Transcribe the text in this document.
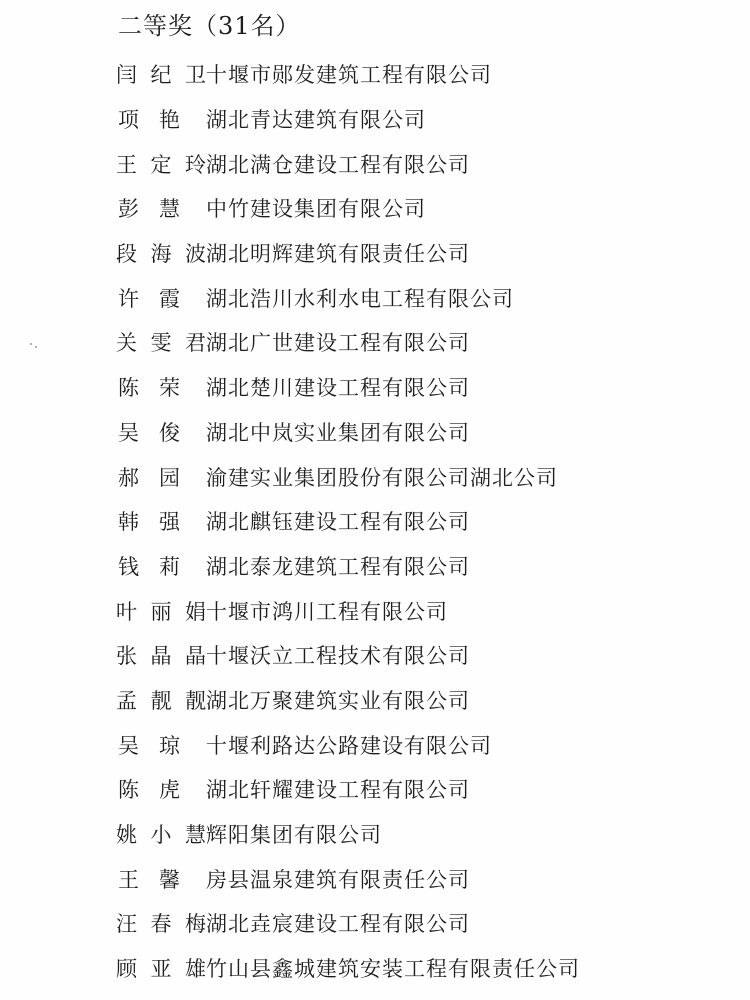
二等奖（31名）
闫纪卫 十堰市郧发建筑工程有限公司
项艳	湖北青达建筑有限公司
王定玲 湖北满仓建设工程有限公司
彭慧	中竹建设集团有限公司
段海波 湖北明辉建筑有限责任公司
许霞	湖北浩川水利水电工程有限公司
关雯君 湖北广世建设工程有限公司
陈荣	湖北楚川建设工程有限公司
吴俊	湖北中岚实业集团有限公司
郝园	渝建实业集团股份有限公司湖北公司
韩强	湖北麒钰建设工程有限公司
钱莉	湖北泰龙建筑工程有限公司
叶丽娟 十堰市鸿川工程有限公司
张晶晶 十堰沃立工程技术有限公司
孟靓靓 湖北万聚建筑实业有限公司
吴琼	十堰利路达公路建设有限公司
陈虎	湖北轩耀建设工程有限公司
姚小慧 辉阳集团有限公司
王馨	房县温泉建筑有限责任公司
汪春梅 湖北垚宸建设工程有限公司
顾亚雄 竹山县鑫城建筑安装工程有限责任公司
